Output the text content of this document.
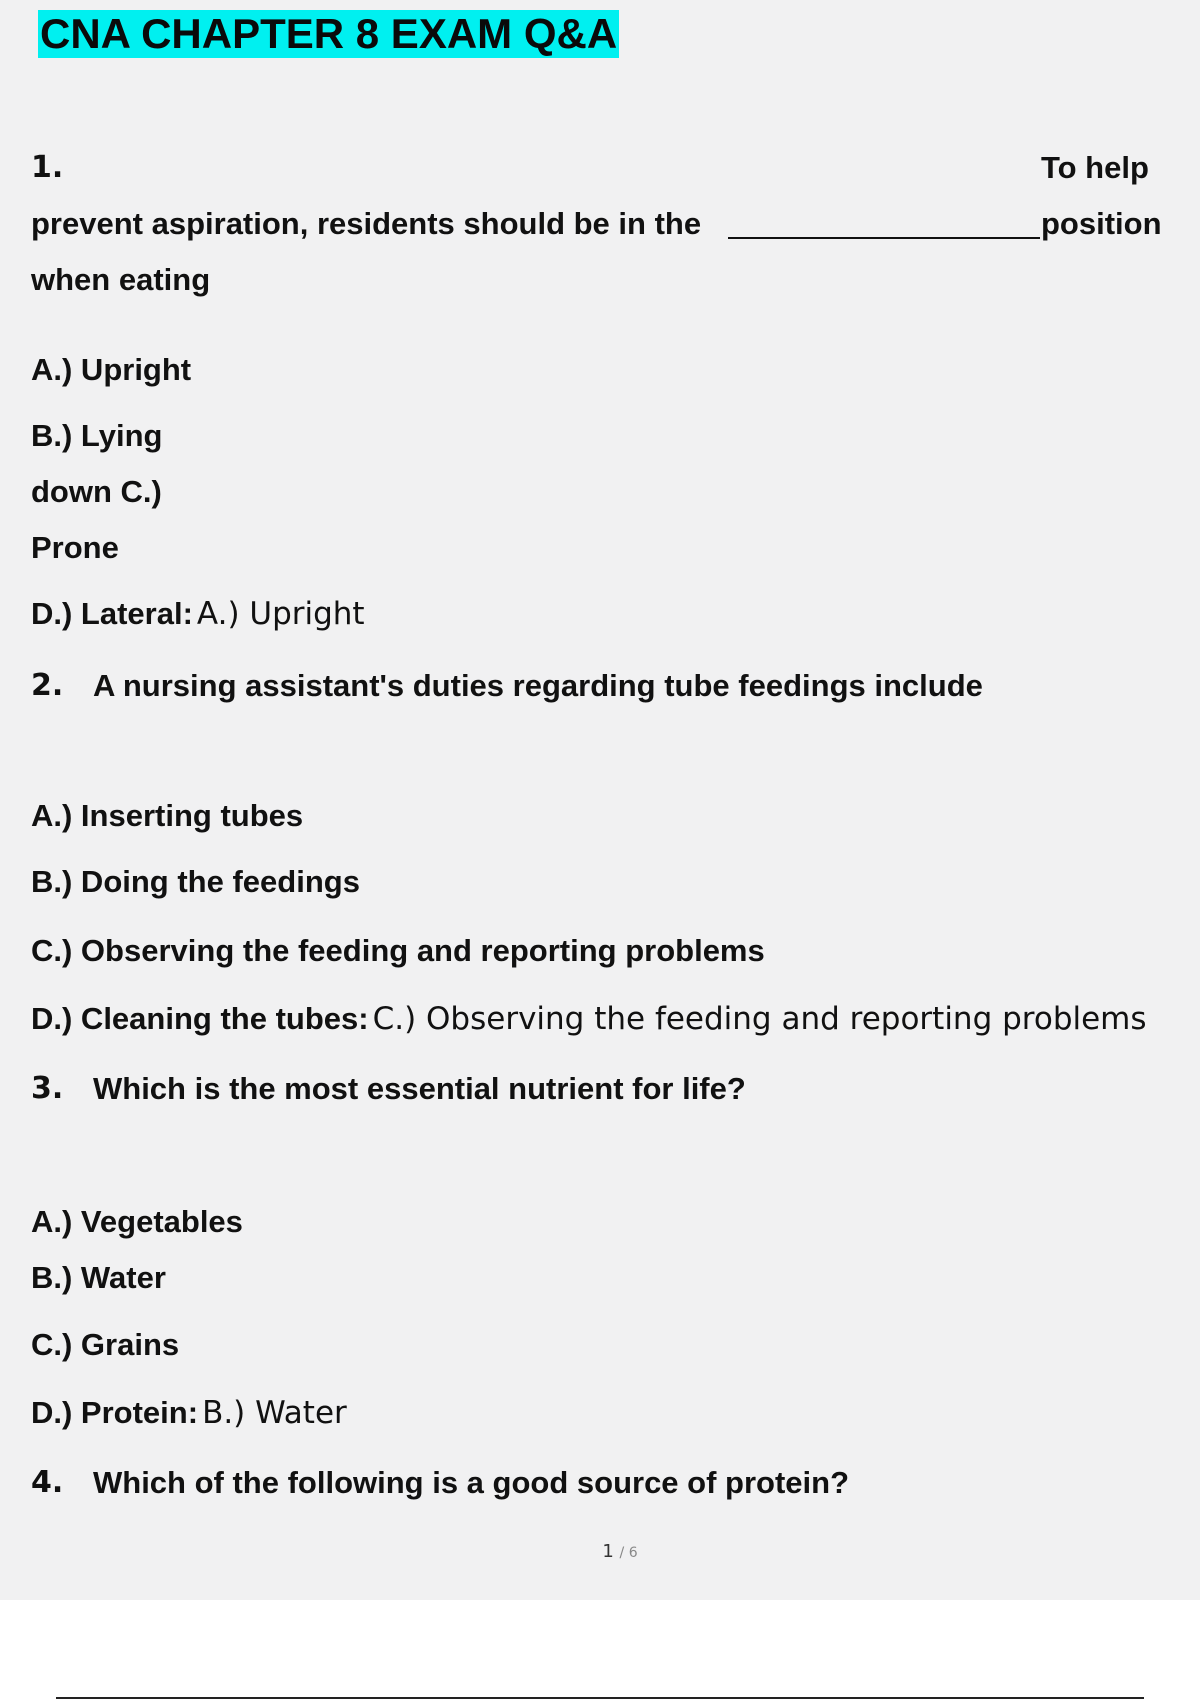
CNA CHAPTER 8 EXAM Q&A
1.	To help
prevent aspiration, residents should be in the	position
when eating
A.) Upright
B.) Lying
down C.)
Prone
D.) Lateral: A.) Upright
2. A nursing assistant's duties regarding tube feedings include
A.) Inserting tubes
B.) Doing the feedings
C.) Observing the feeding and reporting problems
D.) Cleaning the tubes: C.) Observing the feeding and reporting problems
3. Which is the most essential nutrient for life?
A.) Vegetables
B.) Water
C.) Grains
D.) Protein: B.) Water
4. Which of the following is a good source of protein?
1 / 6
